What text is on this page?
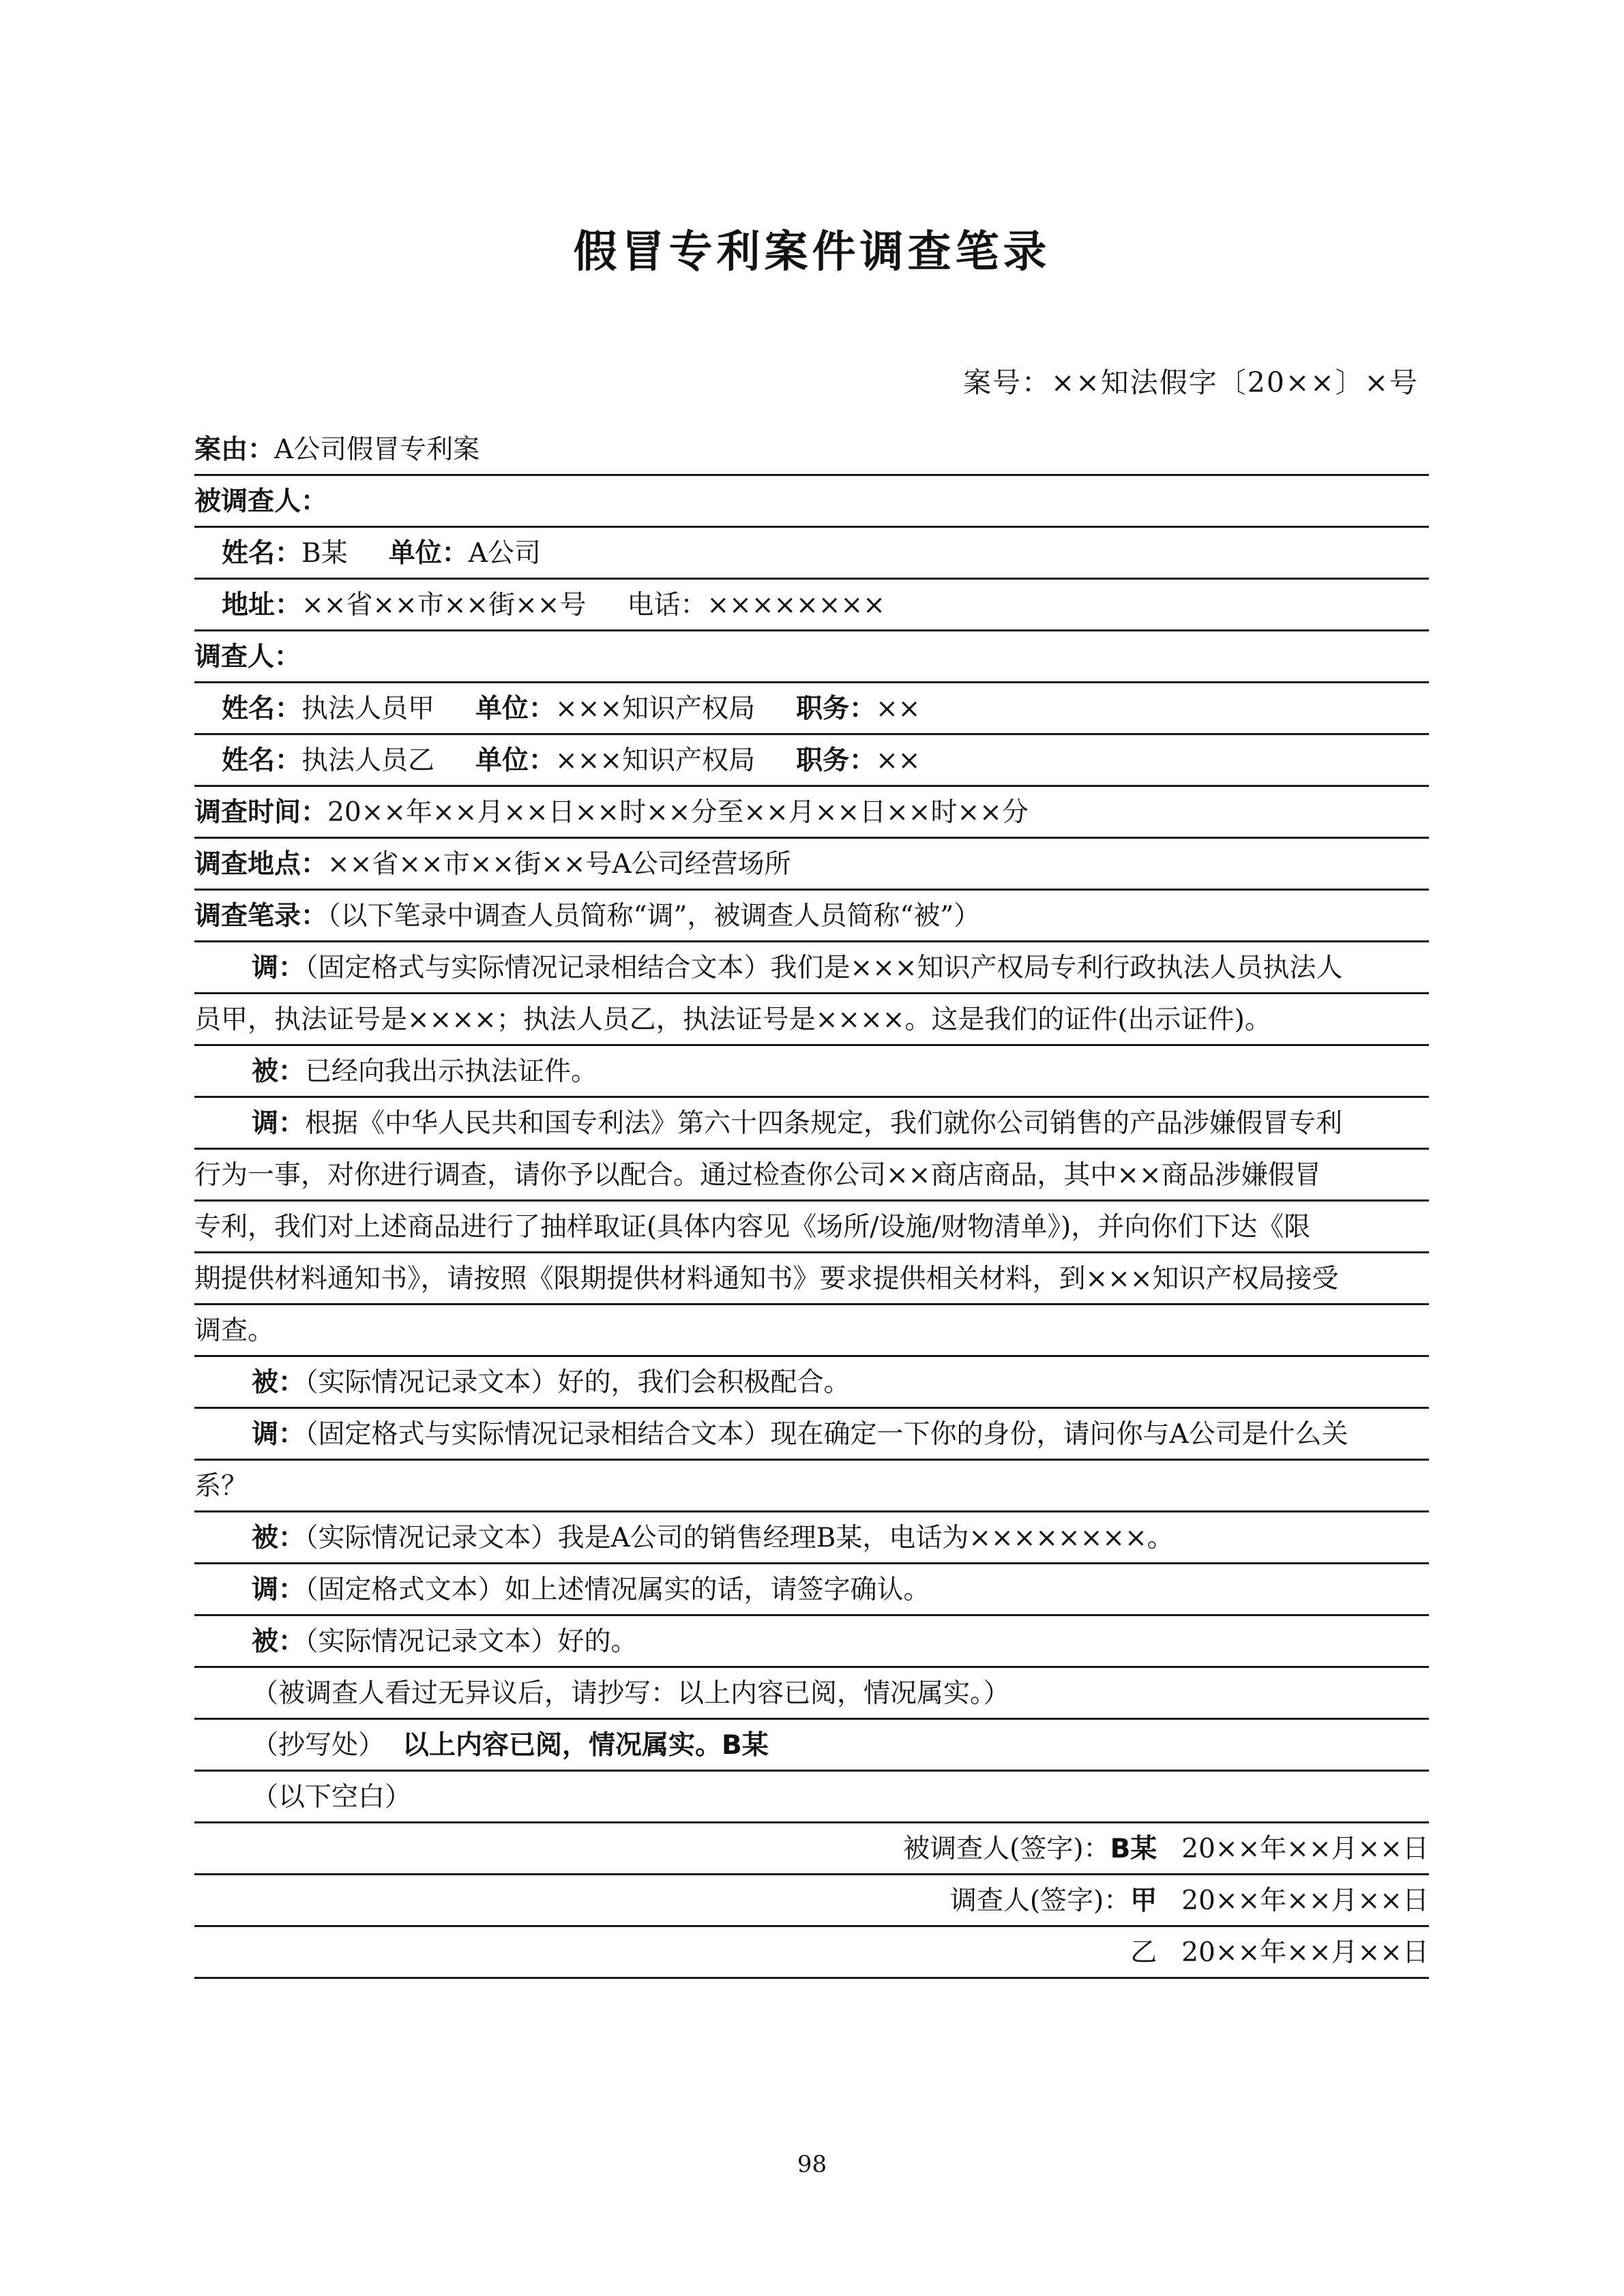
假冒专利案件调查笔录
案号：××知法假字〔20××〕×号
案由：A公司假冒专利案
被调查人：
姓名：B某 单位：A公司
地址：××省××市××街××号 电话：××××××××
调查人：
姓名：执法人员甲 单位：×××知识产权局 职务：××
姓名：执法人员乙 单位：×××知识产权局 职务：××
调查时间：20××年××月××日××时××分至××月××日××时××分
调查地点：××省××市××街××号A公司经营场所
调查笔录：（以下笔录中调查人员简称“调”，被调查人员简称“被”）
调：（固定格式与实际情况记录相结合文本）我们是×××知识产权局专利行政执法人员执法人
员甲，执法证号是××××；执法人员乙，执法证号是××××。这是我们的证件(出示证件)。
被：已经向我出示执法证件。
调：根据《中华人民共和国专利法》第六十四条规定，我们就你公司销售的产品涉嫌假冒专利
行为一事，对你进行调查，请你予以配合。通过检查你公司××商店商品，其中××商品涉嫌假冒
专利，我们对上述商品进行了抽样取证(具体内容见《场所/设施/财物清单》)，并向你们下达《限
期提供材料通知书》，请按照《限期提供材料通知书》要求提供相关材料，到×××知识产权局接受
调查。
被：（实际情况记录文本）好的，我们会积极配合。
调：（固定格式与实际情况记录相结合文本）现在确定一下你的身份，请问你与A公司是什么关
系？
被：（实际情况记录文本）我是A公司的销售经理B某，电话为××××××××。
调：（固定格式文本）如上述情况属实的话，请签字确认。
被：（实际情况记录文本）好的。
（被调查人看过无异议后，请抄写：以上内容已阅，情况属实。）
（抄写处） 以上内容已阅，情况属实。B某
（以下空白）
被调查人(签字)：B某 20××年××月××日
调查人(签字)：甲 20××年××月××日
乙 20××年××月××日
98
